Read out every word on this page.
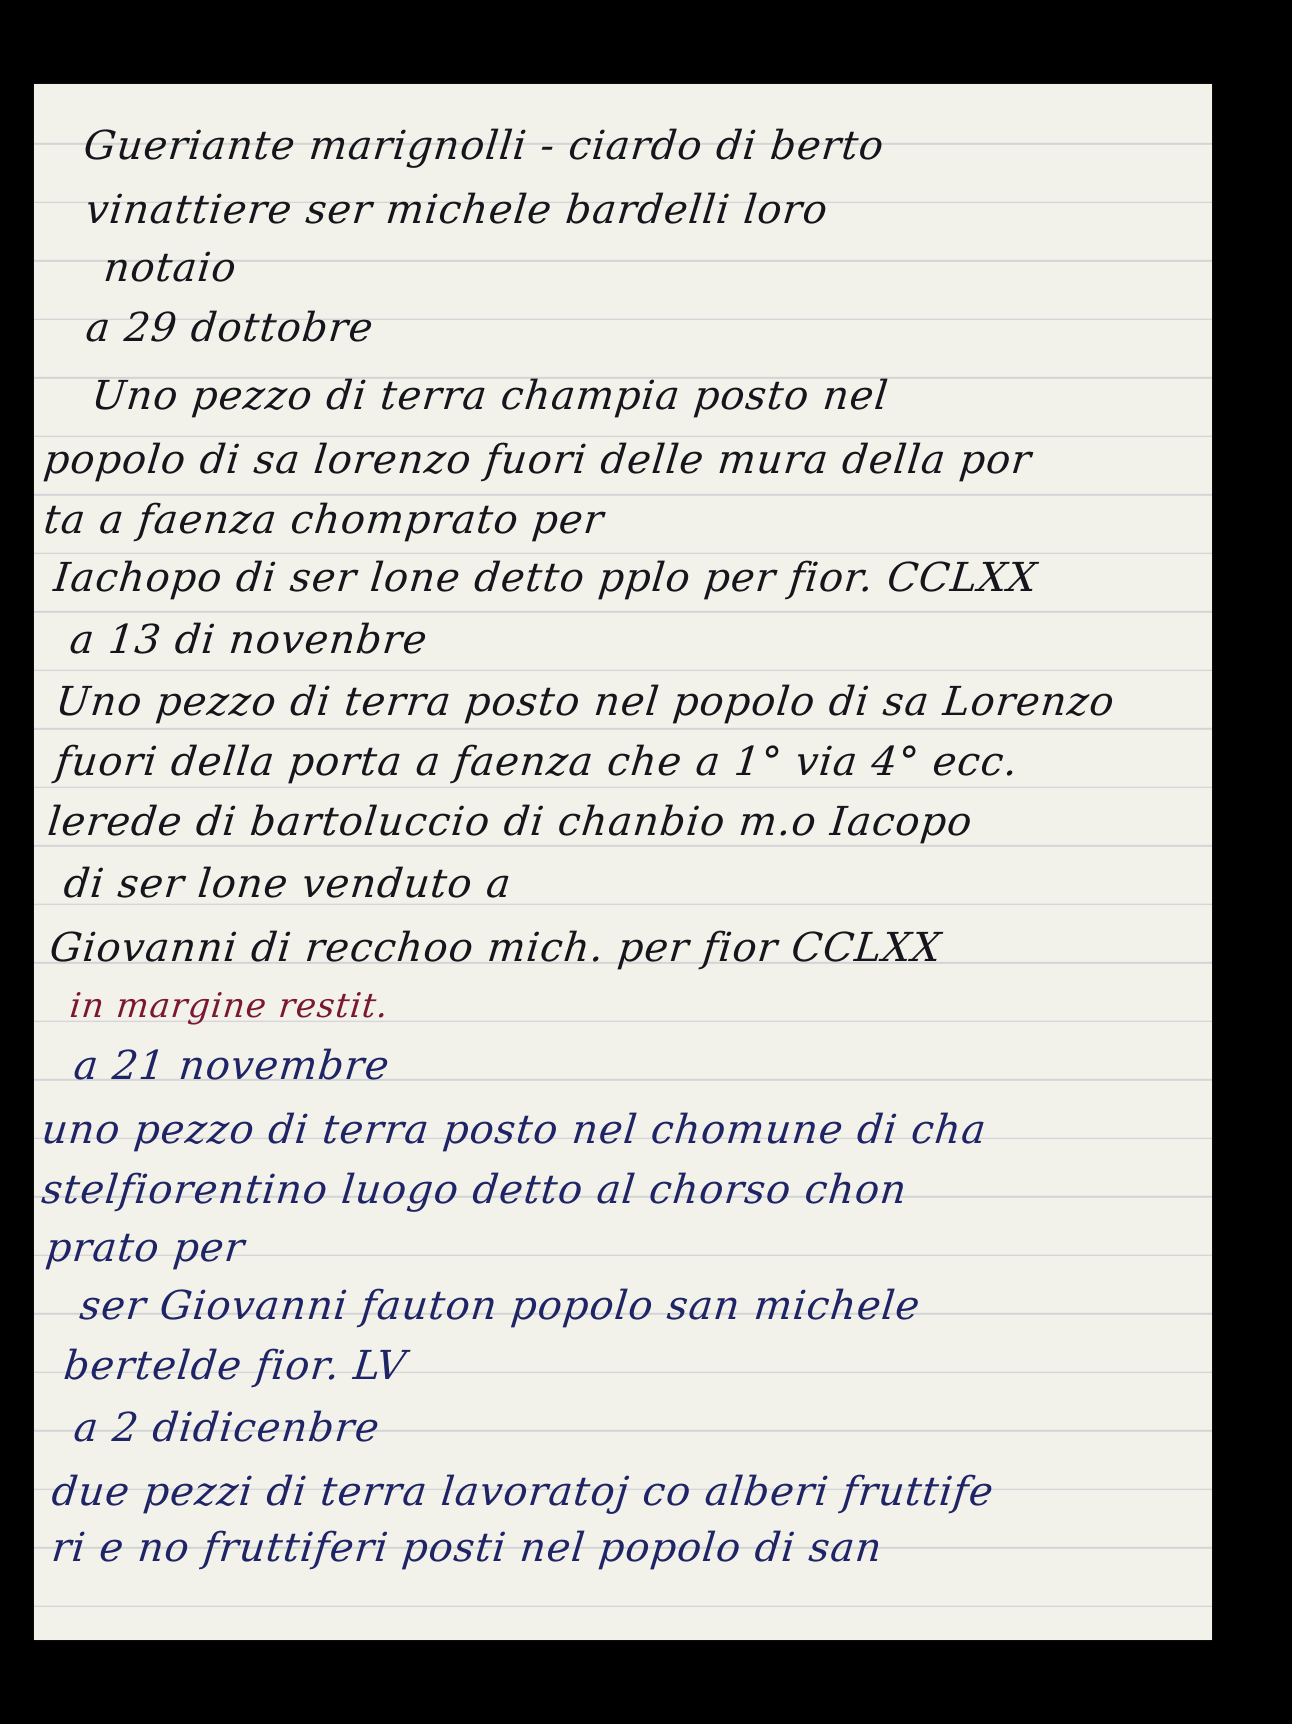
Gueriante marignolli - ciardo di berto
vinattiere ser michele bardelli loro
notaio
a 29 dottobre
Uno pezzo di terra champia posto nel
popolo di sa lorenzo fuori delle mura della por
ta a faenza chomprato per
Iachopo di ser lone detto pplo per fior. CCLXX
a 13 di novenbre
Uno pezzo di terra posto nel popolo di sa Lorenzo
fuori della porta a faenza che a 1° via 4° ecc.
lerede di bartoluccio di chanbio m.o Iacopo
di ser lone venduto a
Giovanni di recchoo mich. per fior CCLXX
in margine restit.
a 21 novembre
uno pezzo di terra posto nel chomune di cha
stelfiorentino luogo detto al chorso chon
prato per
ser Giovanni fauton popolo san michele
bertelde fior. LV
a 2 didicenbre
due pezzi di terra lavoratoj co alberi fruttife
ri e no fruttiferi posti nel popolo di san
